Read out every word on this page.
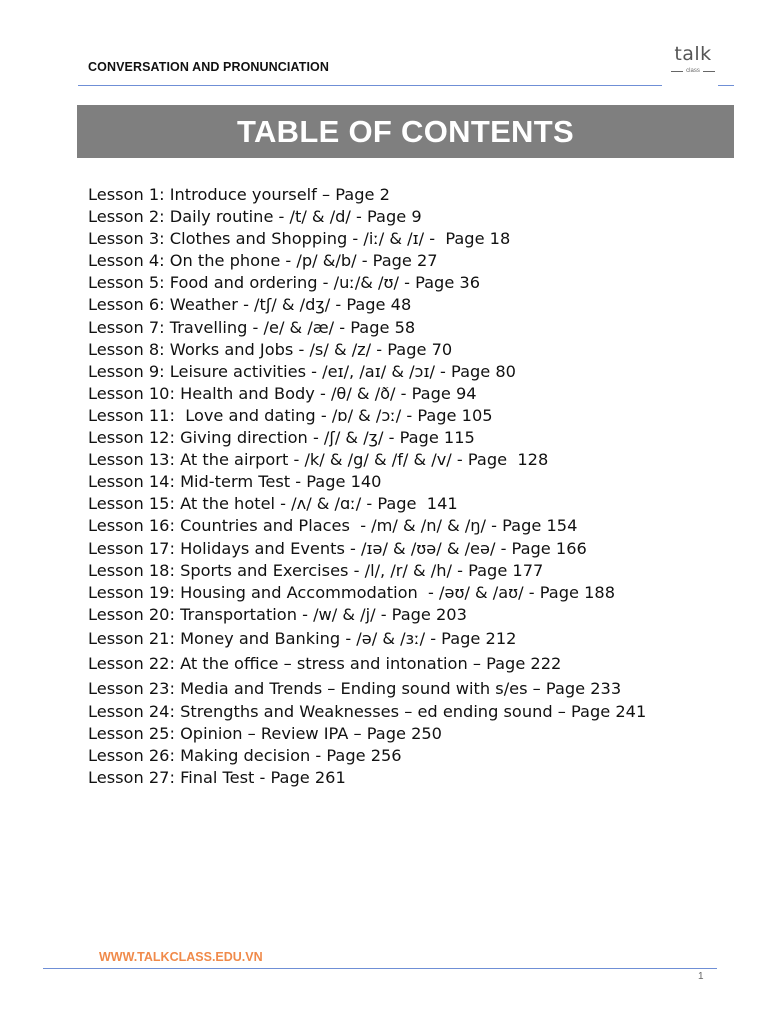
CONVERSATION AND PRONUNCIATION
talk
class
TABLE OF CONTENTS
Lesson 1: Introduce yourself – Page 2
Lesson 2: Daily routine - /t/ & /d/ - Page 9
Lesson 3: Clothes and Shopping - /iː/ & /ɪ/ -  Page 18
Lesson 4: On the phone - /p/ &/b/ - Page 27
Lesson 5: Food and ordering - /uː/& /ʊ/ - Page 36
Lesson 6: Weather - /tʃ/ & /dʒ/ - Page 48
Lesson 7: Travelling - /e/ & /æ/ - Page 58
Lesson 8: Works and Jobs - /s/ & /z/ - Page 70
Lesson 9: Leisure activities - /eɪ/, /aɪ/ & /ɔɪ/ - Page 80
Lesson 10: Health and Body - /θ/ & /ð/ - Page 94
Lesson 11:  Love and dating - /ɒ/ & /ɔː/ - Page 105
Lesson 12: Giving direction - /ʃ/ & /ʒ/ - Page 115
Lesson 13: At the airport - /k/ & /g/ & /f/ & /v/ - Page  128
Lesson 14: Mid-term Test - Page 140
Lesson 15: At the hotel - /ʌ/ & /ɑː/ - Page  141
Lesson 16: Countries and Places  - /m/ & /n/ & /ŋ/ - Page 154
Lesson 17: Holidays and Events - /ɪə/ & /ʊə/ & /eə/ - Page 166
Lesson 18: Sports and Exercises - /l/, /r/ & /h/ - Page 177
Lesson 19: Housing and Accommodation  - /əʊ/ & /aʊ/ - Page 188
Lesson 20: Transportation - /w/ & /j/ - Page 203
Lesson 21: Money and Banking - /ə/ & /ɜː/ - Page 212
Lesson 22: At the office – stress and intonation – Page 222
Lesson 23: Media and Trends – Ending sound with s/es – Page 233
Lesson 24: Strengths and Weaknesses – ed ending sound – Page 241
Lesson 25: Opinion – Review IPA – Page 250
Lesson 26: Making decision - Page 256
Lesson 27: Final Test - Page 261
WWW.TALKCLASS.EDU.VN
1
